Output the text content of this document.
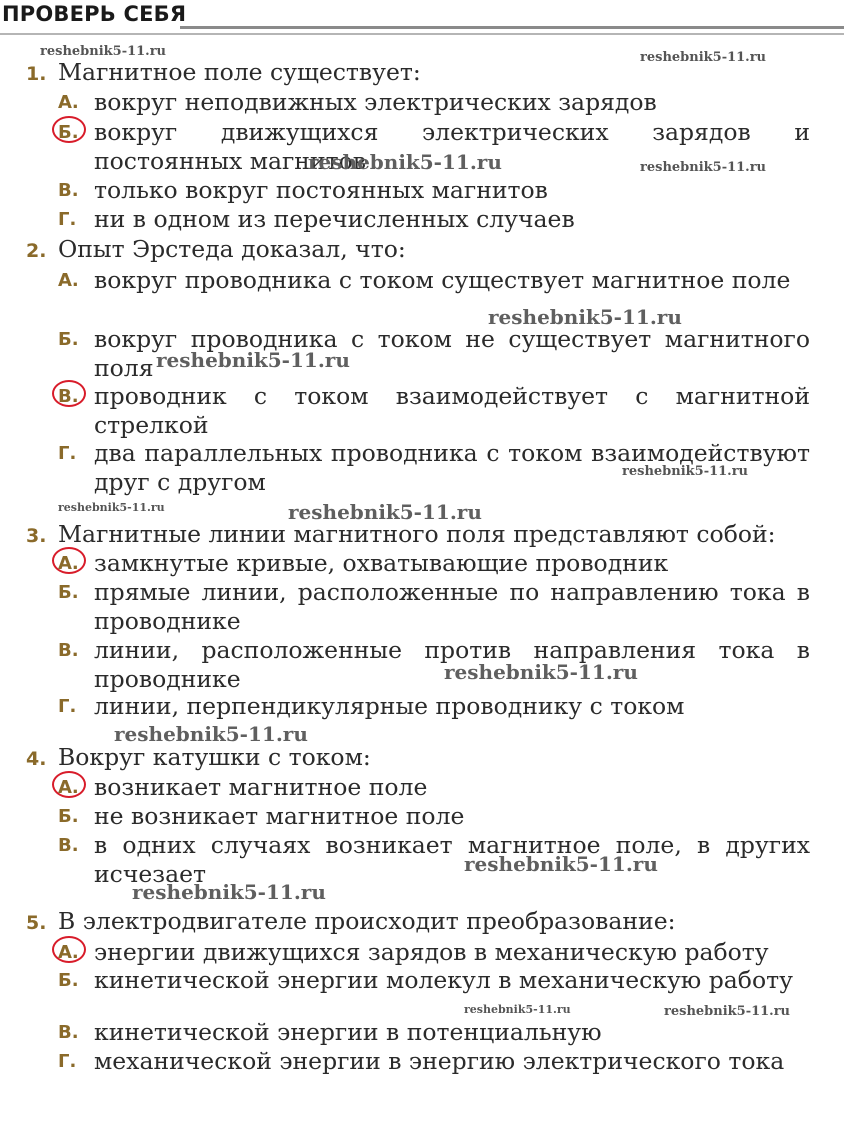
ПРОВЕРЬ СЕБЯ
1. Магнитное поле существует:
А. вокруг неподвижных электрических зарядов
Б. вокруг движущихся электрических зарядов и постоянных магнитов
В. только вокруг постоянных магнитов
Г. ни в одном из перечисленных случаев
2. Опыт Эрстеда доказал, что:
А. вокруг проводника с током существует магнитное поле
Б. вокруг проводника с током не существует магнитного поля
В. проводник с током взаимодействует с магнитной стрелкой
Г. два параллельных проводника с током взаимодействуют друг с другом
3. Магнитные линии магнитного поля представляют собой:
А. замкнутые кривые, охватывающие проводник
Б. прямые линии, расположенные по направлению тока в проводнике
В. линии, расположенные против направления тока в проводнике
Г. линии, перпендикулярные проводнику с током
4. Вокруг катушки с током:
А. возникает магнитное поле
Б. не возникает магнитное поле
В. в одних случаях возникает магнитное поле, в других исчезает
5. В электродвигателе происходит преобразование:
А. энергии движущихся зарядов в механическую работу
Б. кинетической энергии молекул в механическую работу
В. кинетической энергии в потенциальную
Г. механической энергии в энергию электрического тока
reshebnik5-11.ru	reshebnik5-11.ru
reshebnik5-11.ru	reshebnik5-11.ru
reshebnik5-11.ru
reshebnik5-11.ru
reshebnik5-11.ru
reshebnik5-11.ru	reshebnik5-11.ru
reshebnik5-11.ru
reshebnik5-11.ru
reshebnik5-11.ru
reshebnik5-11.ru
reshebnik5-11.ru	reshebnik5-11.ru
